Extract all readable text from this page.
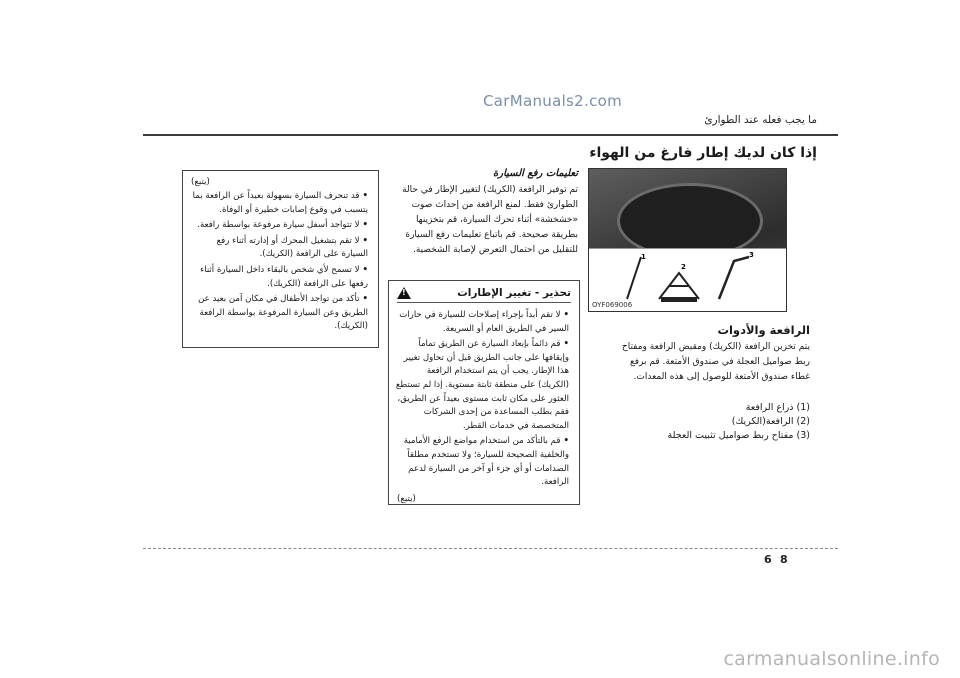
CarManuals2.com
ما يجب فعله عند الطوارئ
إذا كان لديك إطار فارغ من الهواء
1
2
3
OYF069006
الرافعة والأدوات
يتم تخزين الرافعة (الكريك) ومقبض الرافعة ومفتاح ربط صواميل العجلة في صندوق الأمتعة. قم برفع غطاء صندوق الأمتعة للوصول إلى هذه المعدات.
(1) ذراع الرافعة
(2) الرافعة(الكريك)
(3) مفتاح ربط صواميل تثبيت العجلة

تعليمات رفع السيارة

تم توفير الرافعة (الكريك) لتغيير الإطار في حالة الطوارئ فقط. لمنع الرافعة من إحداث صوت «خشخشة» أثناء تحرك السيارة، قم بتخزينها بطريقة صحيحة. قم باتباع تعليمات رفع السيارة للتقليل من احتمال التعرض لإصابة الشخصية.

تحذير - تغيير الإطارات
!
•لا تقم أبداً بإجراء إصلاحات للسيارة في حارات السير في الطريق العام أو السريعة.
•قم دائماً بإبعاد السيارة عن الطريق تماماً وإيقافها على جانب الطريق قبل أن تحاول تغيير هذا الإطار. يجب أن يتم استخدام الرافعة (الكريك) على منطقة ثابتة مستوية. إذا لم تستطع العثور على مكان ثابت مستوى بعيداً عن الطريق، فقم بطلب المساعدة من إحدى الشركات المتخصصة في خدمات القطر.
•قم بالتأكد من استخدام مواضع الرفع الأمامية والخلفية الصحيحة للسيارة؛ ولا تستخدم مطلقاً الصدامات أو أي جزء أو آخر من السيارة لدعم الرافعة.
(يتبع)
(يتبع)
•قد تنحرف السيارة بسهولة بعيداً عن الرافعة بما يتسبب في وقوع إصابات خطيرة أو الوفاة.
•لا تتواجد أسفل سيارة مرفوعة بواسطة رافعة.
•لا تقم بتشغيل المحرك أو إدارته أثناء رفع السيارة على الرافعة (الكريك).
•لا تسمح لأي شخص بالبقاء داخل السيارة أثناء رفعها على الرافعة (الكريك).
•تأكد من تواجد الأطفال في مكان آمن بعيد عن الطريق وعن السيارة المرفوعة بواسطة الرافعة (الكريك).
6 8
carmanualsonline.info
